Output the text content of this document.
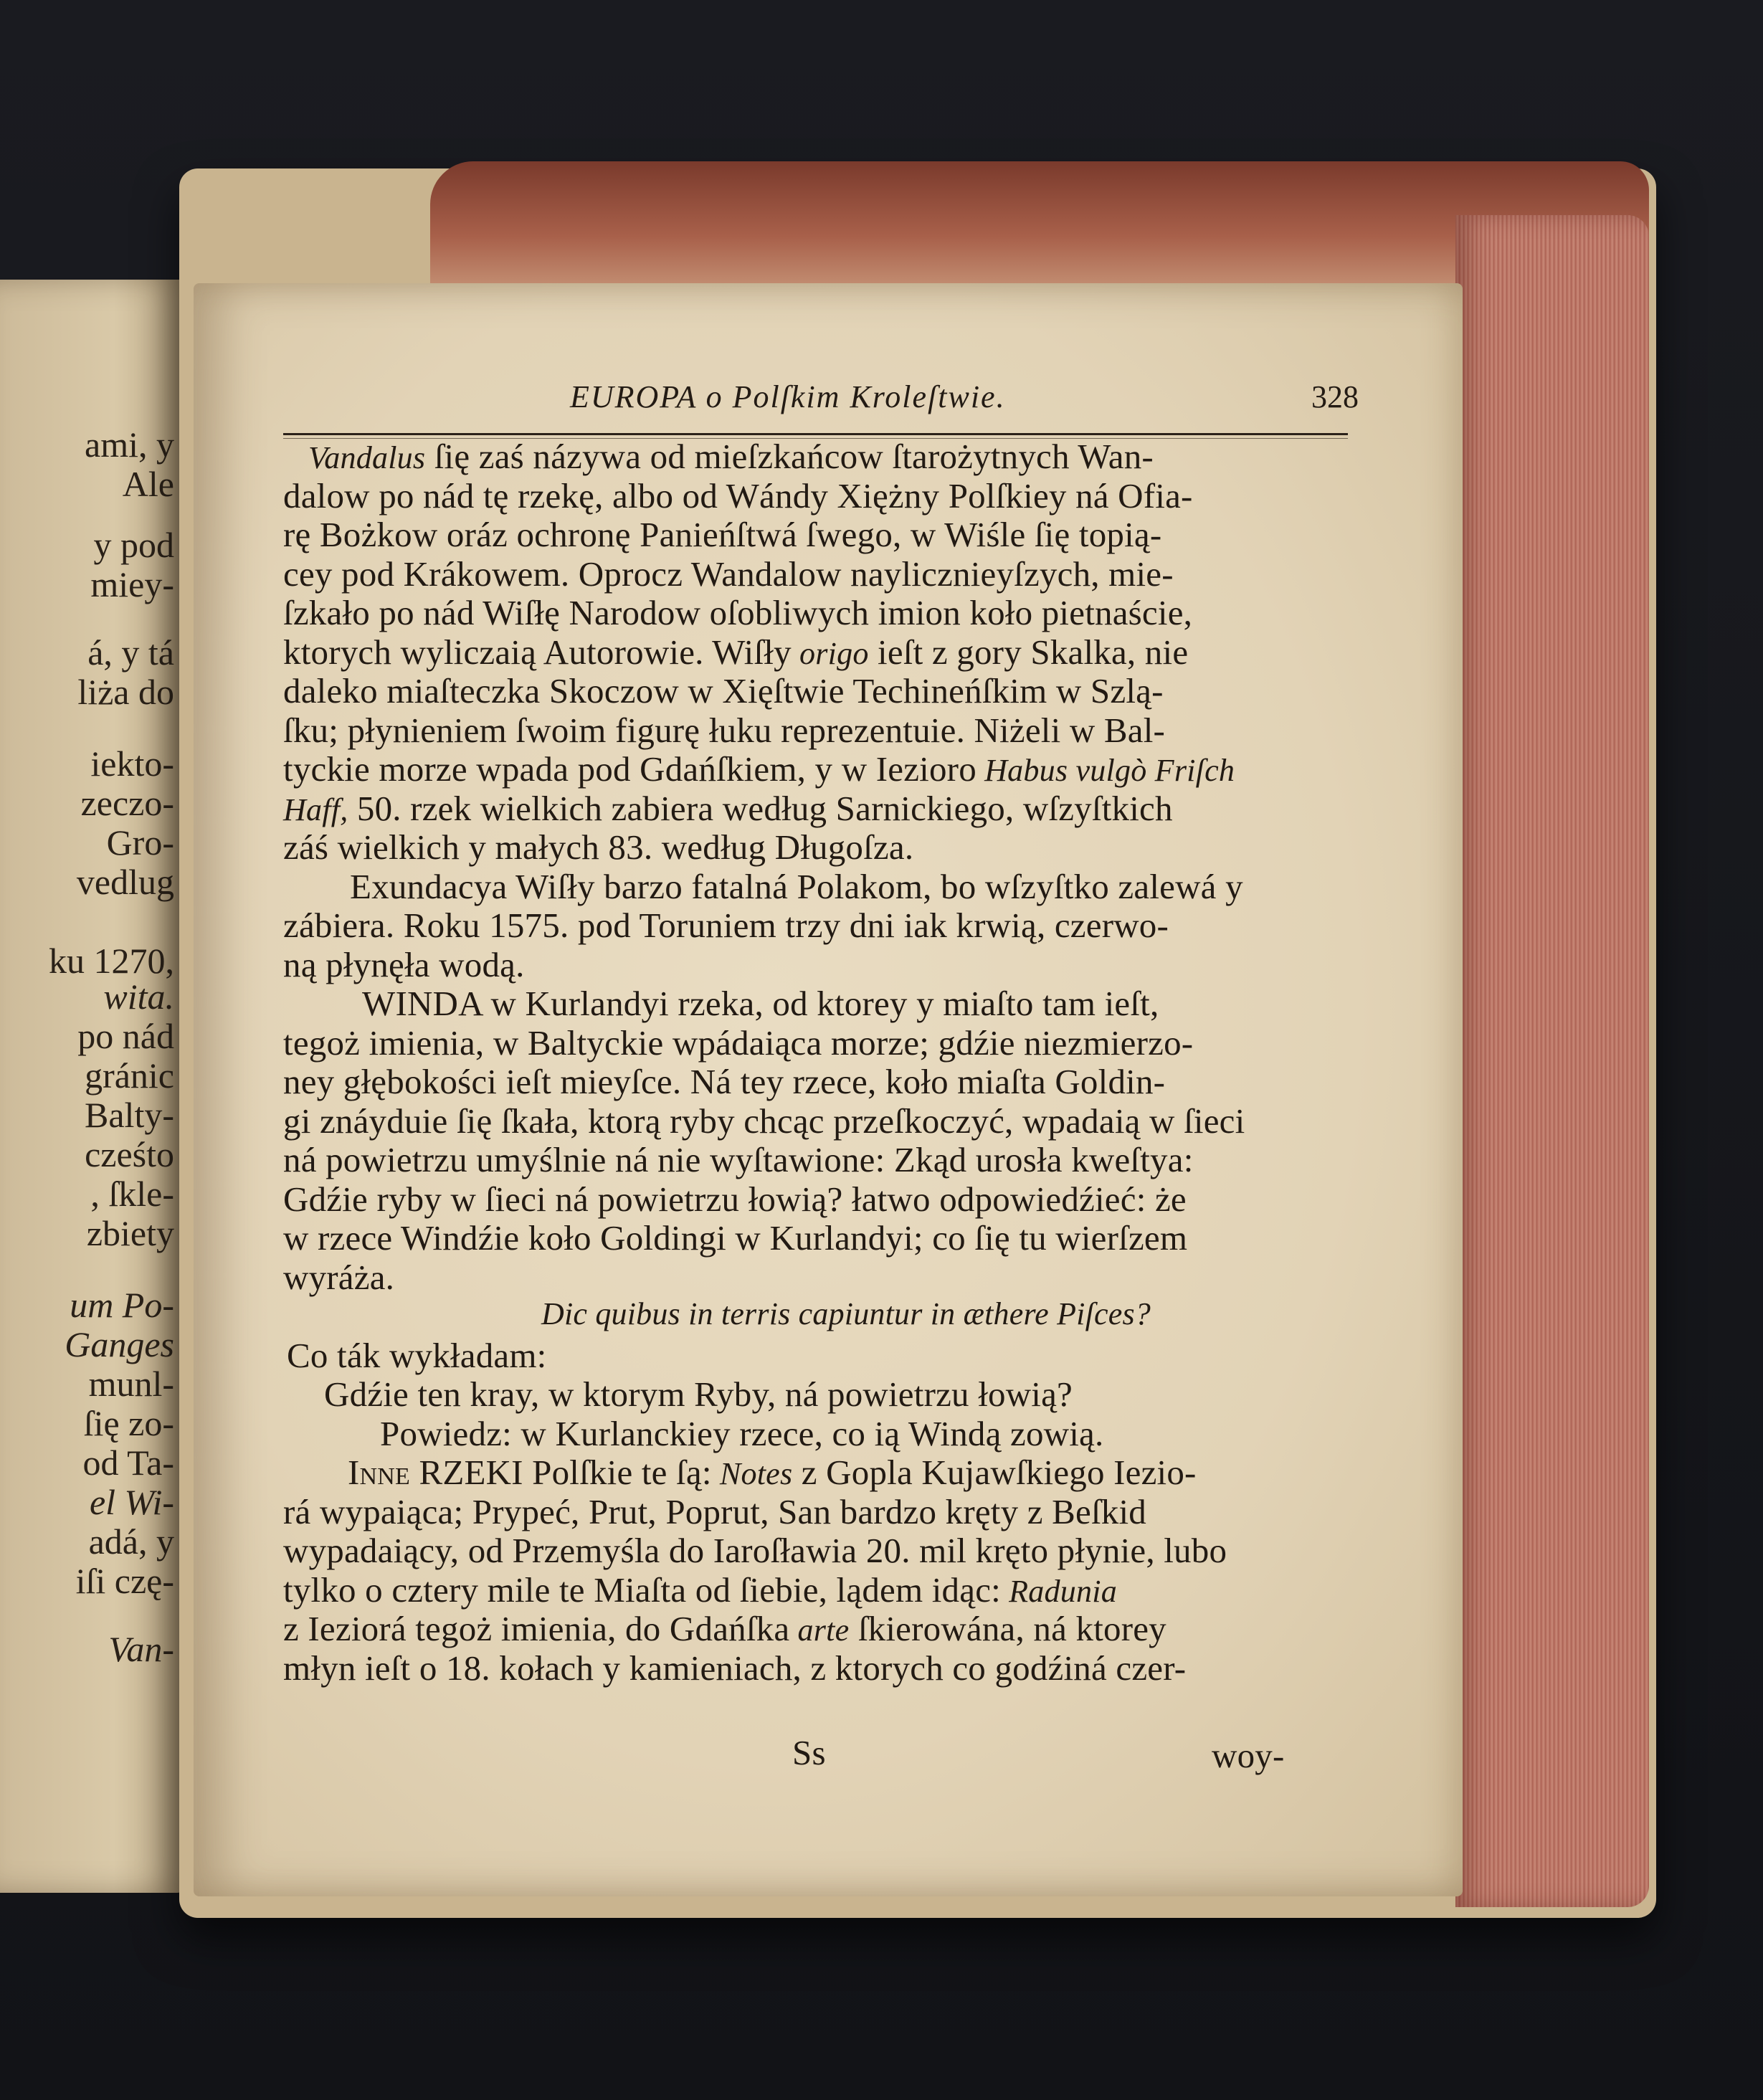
ami, y
Ale
y pod
miey-
á, y tá
liża do
iekto-
zeczo-
Gro-
vedlug
ku 1270,
wita.
po nád
gránic
Balty-
cześto
, ſkle-
zbiety
um Po-
Ganges
munl-
ſię zo-
od Ta-
el Wi-
adá, y
iſi czę-
Van-
EUROPA o Polſkim Kroleſtwie.	328
Vandalus ſię zaś názywa od mieſzkańcow ſtarożytnych Wan-
dalow po nád tę rzekę, albo od Wándy Xiężny Polſkiey ná Ofia-
rę Bożkow oráz ochronę Panieńſtwá ſwego, w Wiśle ſię topią-
cey pod Krákowem. Oprocz Wandalow naylicznieyſzych, mie-
ſzkało po nád Wiſłę Narodow oſobliwych imion koło pietnaście,
ktorych wyliczaią Autorowie. Wiſły origo ieſt z gory Skalka, nie
daleko miaſteczka Skoczow w Xięſtwie Techineńſkim w Szlą-
ſku; płynieniem ſwoim figurę łuku reprezentuie. Niżeli w Bal-
tyckie morze wpada pod Gdańſkiem, y w Iezioro Habus vulgò Friſch
Haff, 50. rzek wielkich zabiera według Sarnickiego, wſzyſtkich
záś wielkich y małych 83. według Długoſza.
Exundacya Wiſły barzo fatalná Polakom, bo wſzyſtko zalewá y
zábiera. Roku 1575. pod Toruniem trzy dni iak krwią, czerwo-
ną płynęła wodą.
WINDA w Kurlandyi rzeka, od ktorey y miaſto tam ieſt,
tegoż imienia, w Baltyckie wpádaiąca morze; gdźie niezmierzo-
ney głębokości ieſt mieyſce. Ná tey rzece, koło miaſta Goldin-
gi znáyduie ſię ſkała, ktorą ryby chcąc przeſkoczyć, wpadaią w ſieci
ná powietrzu umyślnie ná nie wyſtawione: Zkąd urosła kweſtya:
Gdźie ryby w ſieci ná powietrzu łowią? łatwo odpowiedźieć: że
w rzece Windźie koło Goldingi w Kurlandyi; co ſię tu wierſzem
wyráża.
Dic quibus in terris capiuntur in æthere Piſces?
Co ták wykładam:
Gdźie ten kray, w ktorym Ryby, ná powietrzu łowią?
Powiedz: w Kurlanckiey rzece, co ią Windą zowią.
Inne RZEKI Polſkie te ſą: Notes z Gopla Kujawſkiego Iezio-
rá wypaiąca; Prypeć, Prut, Poprut, San bardzo kręty z Beſkid
wypadaiący, od Przemyśla do Iaroſławia 20. mil kręto płynie, lubo
tylko o cztery mile te Miaſta od ſiebie, lądem idąc: Radunia
z Ieziorá tegoż imienia, do Gdańſka arte ſkierowána, ná ktorey
młyn ieſt o 18. kołach y kamieniach, z ktorych co godźiná czer-
Ss	woy-
